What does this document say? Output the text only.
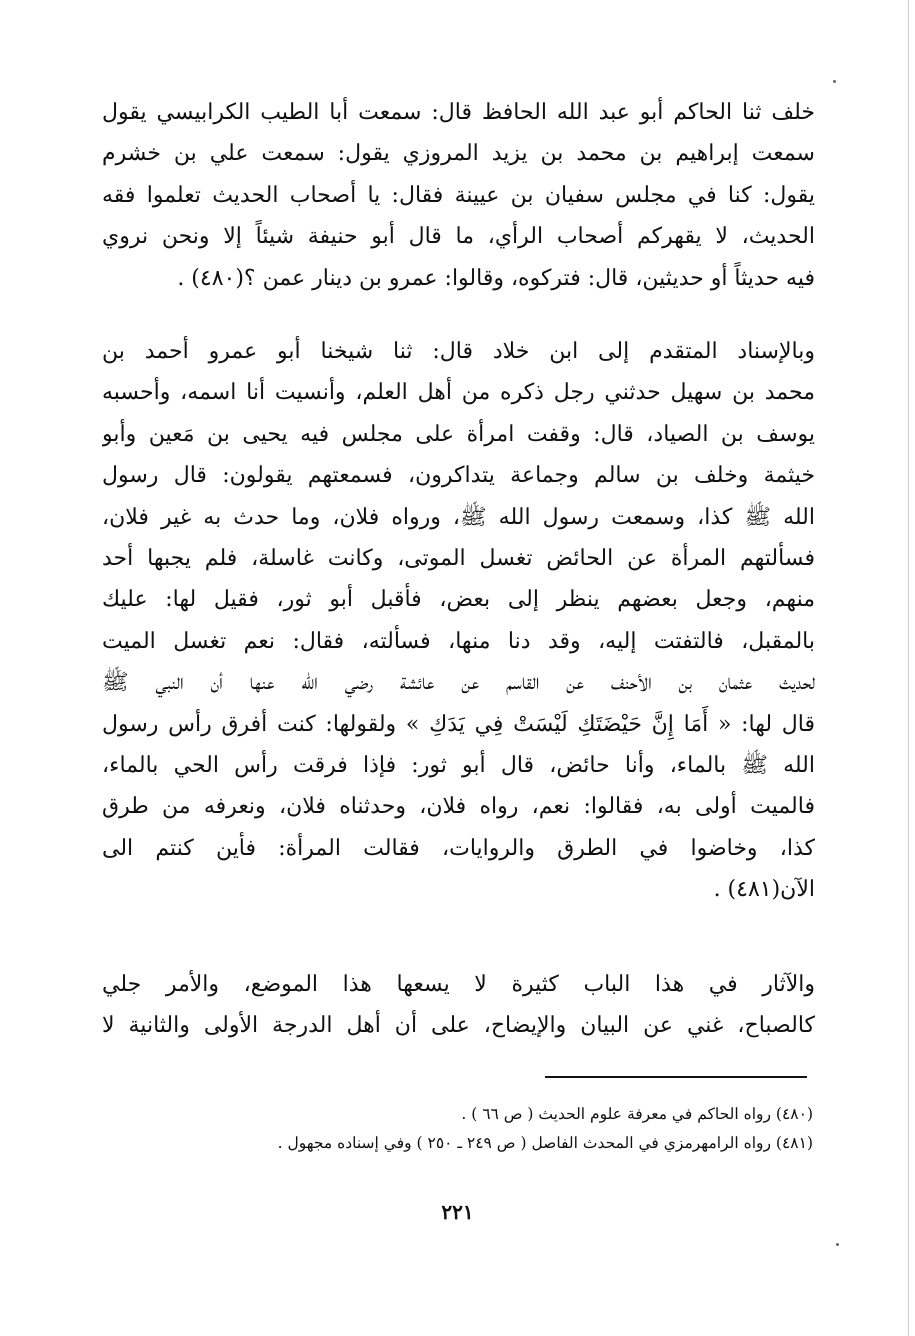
خلف ثنا الحاكم أبو عبد الله الحافظ قال: سمعت أبا الطيب الكرابيسي يقول
سمعت إبراهيم بن محمد بن يزيد المروزي يقول: سمعت علي بن خشرم
يقول: كنا في مجلس سفيان بن عيينة فقال: يا أصحاب الحديث تعلموا فقه
الحديث، لا يقهركم أصحاب الرأي، ما قال أبو حنيفة شيئاً إلا ونحن نروي
فيه حديثاً أو حديثين، قال: فتركوه، وقالوا: عمرو بن دينار عمن ؟(٤٨٠) .
وبالإسناد المتقدم إلى ابن خلاد قال: ثنا شيخنا أبو عمرو أحمد بن
محمد بن سهيل حدثني رجل ذكره من أهل العلم، وأنسيت أنا اسمه، وأحسبه
يوسف بن الصياد، قال: وقفت امرأة على مجلس فيه يحيى بن مَعين وأبو
خيثمة وخلف بن سالم وجماعة يتداكرون، فسمعتهم يقولون: قال رسول
الله ﷺ كذا، وسمعت رسول الله ﷺ، ورواه فلان، وما حدث به غير فلان،
فسألتهم المرأة عن الحائض تغسل الموتى، وكانت غاسلة، فلم يجبها أحد
منهم، وجعل بعضهم ينظر إلى بعض، فأقبل أبو ثور، فقيل لها: عليك
بالمقبل، فالتفتت إليه، وقد دنا منها، فسألته، فقال: نعم تغسل الميت
لحديث عثمان بن الأحنف عن القاسم عن عائشة رضي الله عنها أن النبي ﷺ
قال لها: « أَمَا إِنَّ حَيْضَتَكِ لَيْسَتْ فِي يَدَكِ » ولقولها: كنت أفرق رأس رسول
الله ﷺ بالماء، وأنا حائض، قال أبو ثور: فإذا فرقت رأس الحي بالماء،
فالميت أولى به، فقالوا: نعم، رواه فلان، وحدثناه فلان، ونعرفه من طرق
كذا، وخاضوا في الطرق والروايات، فقالت المرأة: فأين كنتم الى
الآن(٤٨١) .
والآثار في هذا الباب كثيرة لا يسعها هذا الموضع، والأمر جلي
كالصباح، غني عن البيان والإيضاح، على أن أهل الدرجة الأولى والثانية لا
(٤٨٠) رواه الحاكم في معرفة علوم الحديث ( ص ٦٦ ) .
(٤٨١) رواه الرامهرمزي في المحدث الفاصل ( ص ٢٤٩ ـ ٢٥٠ ) وفي إسناده مجهول .
٢٢١
